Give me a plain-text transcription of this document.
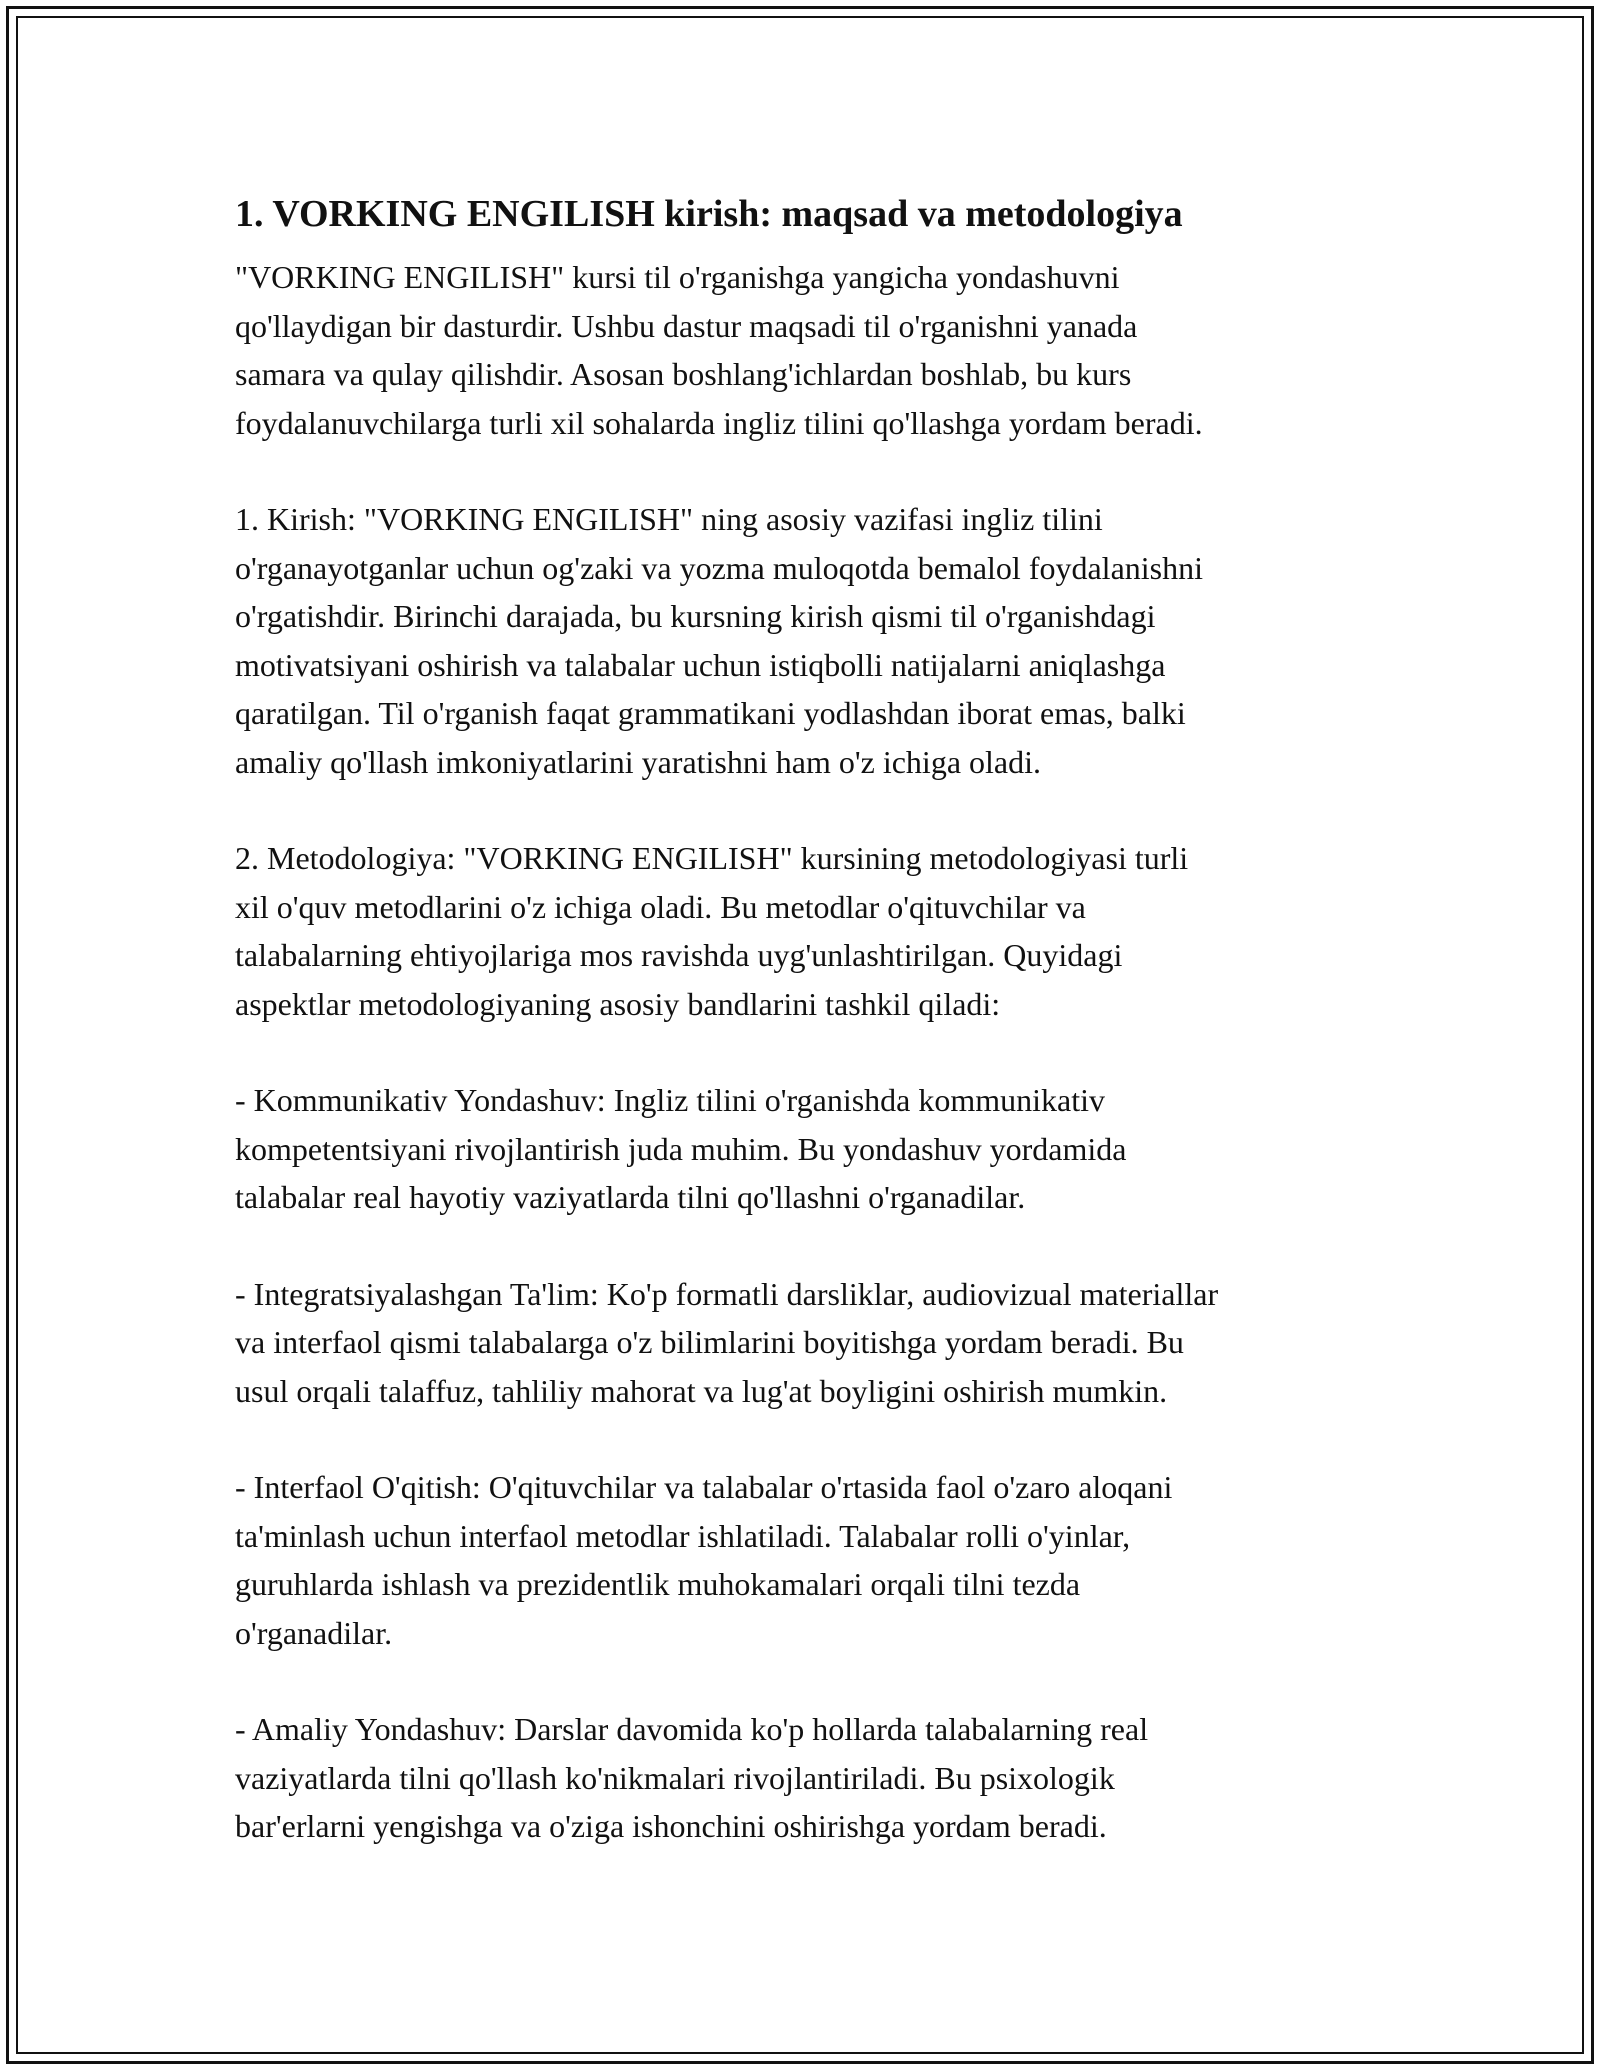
1. VORKING ENGILISH kirish: maqsad va metodologiya

"VORKING ENGILISH" kursi til o'rganishga yangicha yondashuvni
qo'llaydigan bir dasturdir. Ushbu dastur maqsadi til o'rganishni yanada
samara va qulay qilishdir. Asosan boshlang'ichlardan boshlab, bu kurs
foydalanuvchilarga turli xil sohalarda ingliz tilini qo'llashga yordam beradi.

1. Kirish: "VORKING ENGILISH" ning asosiy vazifasi ingliz tilini
o'rganayotganlar uchun og'zaki va yozma muloqotda bemalol foydalanishni
o'rgatishdir. Birinchi darajada, bu kursning kirish qismi til o'rganishdagi
motivatsiyani oshirish va talabalar uchun istiqbolli natijalarni aniqlashga
qaratilgan. Til o'rganish faqat grammatikani yodlashdan iborat emas, balki
amaliy qo'llash imkoniyatlarini yaratishni ham o'z ichiga oladi.

2. Metodologiya: "VORKING ENGILISH" kursining metodologiyasi turli
xil o'quv metodlarini o'z ichiga oladi. Bu metodlar o'qituvchilar va
talabalarning ehtiyojlariga mos ravishda uyg'unlashtirilgan. Quyidagi
aspektlar metodologiyaning asosiy bandlarini tashkil qiladi:

- Kommunikativ Yondashuv: Ingliz tilini o'rganishda kommunikativ
kompetentsiyani rivojlantirish juda muhim. Bu yondashuv yordamida
talabalar real hayotiy vaziyatlarda tilni qo'llashni o'rganadilar.

- Integratsiyalashgan Ta'lim: Ko'p formatli darsliklar, audiovizual materiallar
va interfaol qismi talabalarga o'z bilimlarini boyitishga yordam beradi. Bu
usul orqali talaffuz, tahliliy mahorat va lug'at boyligini oshirish mumkin.

- Interfaol O'qitish: O'qituvchilar va talabalar o'rtasida faol o'zaro aloqani
ta'minlash uchun interfaol metodlar ishlatiladi. Talabalar rolli o'yinlar,
guruhlarda ishlash va prezidentlik muhokamalari orqali tilni tezda
o'rganadilar.

- Amaliy Yondashuv: Darslar davomida ko'p hollarda talabalarning real
vaziyatlarda tilni qo'llash ko'nikmalari rivojlantiriladi. Bu psixologik
bar'erlarni yengishga va o'ziga ishonchini oshirishga yordam beradi.
